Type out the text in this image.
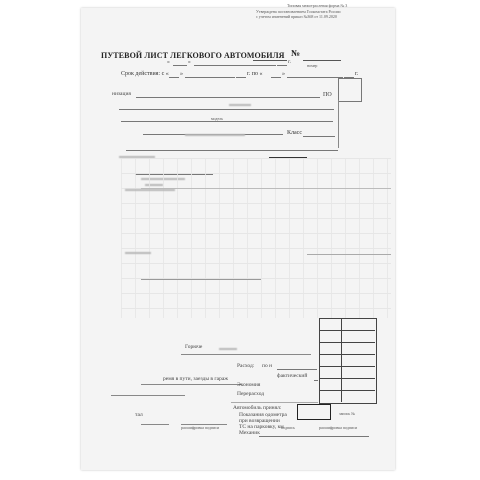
Типовая межотраслевая форма № 3
Утверждена постановлением Госкомстата России
с учетом изменений приказ №368 от 11.09.2020
ПУТЕВОЙ ЛИСТ ЛЕГКОВОГО АВТОМОБИЛЯ №
номер
«	»	г.
Срок действия: с « »	г. по «	»	г.
низация	ПО
модель
Класс
Горюче
Расход: по н
фактический
ремя в пути, заезды в гараж
Экономия
Перерасход
Автомобиль принял:
Показания одометра
при возвращении
ТС на парковку, км
Механик
запись №
тал
расшифровка подписи	подпись	расшифровка подписи
